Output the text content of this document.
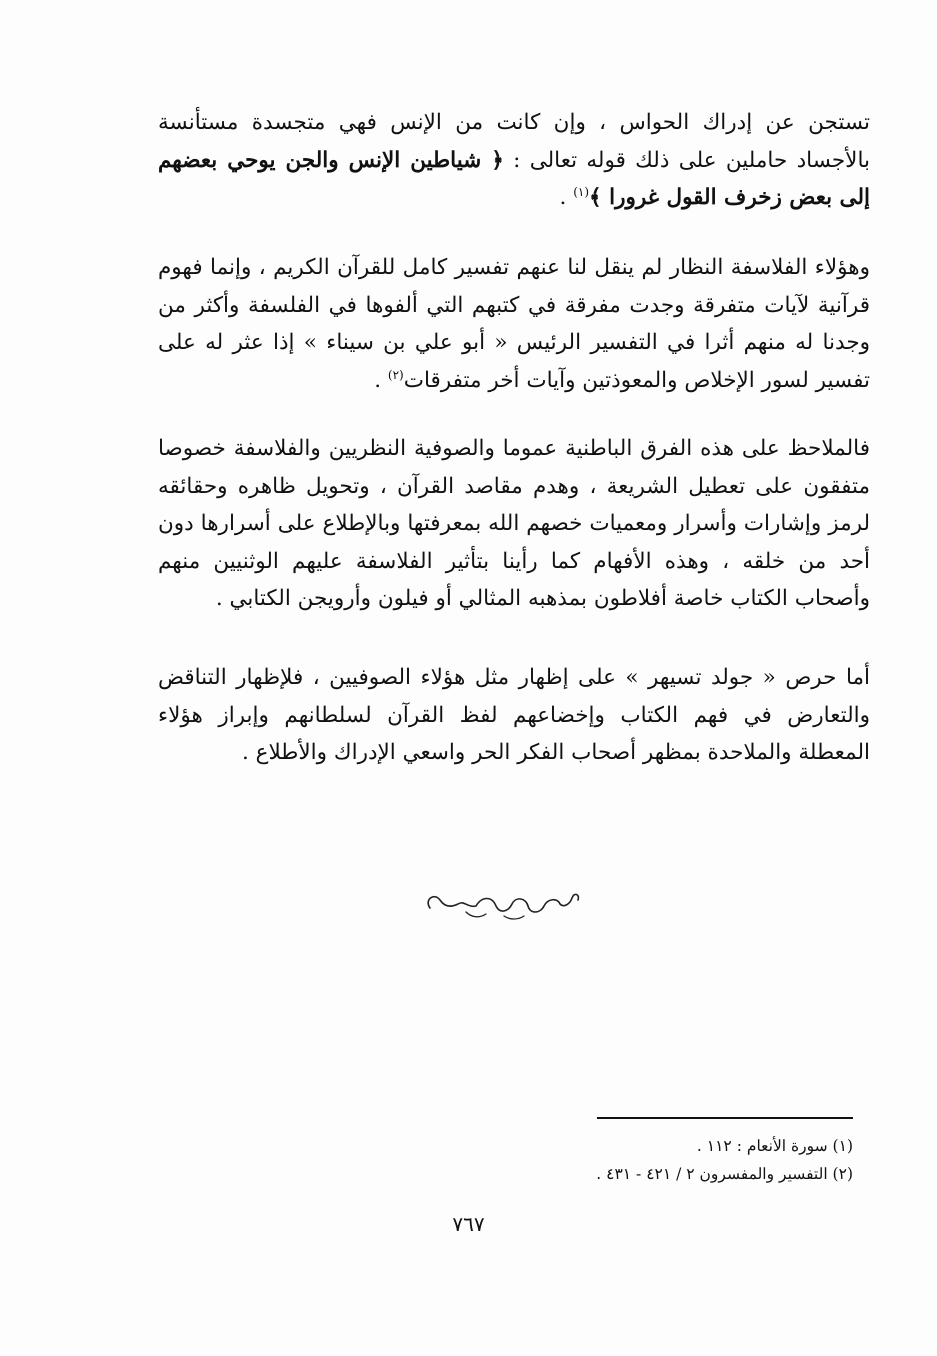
تستجن عن إدراك الحواس ، وإن كانت من الإنس فهي متجسدة مستأنسة بالأجساد حاملين على ذلك قوله تعالى : ﴿ شياطين الإنس والجن يوحي بعضهم إلى بعض زخرف القول غرورا ﴾$^{(١)}$ .

وهؤلاء الفلاسفة النظار لم ينقل لنا عنهم تفسير كامل للقرآن الكريم ، وإنما فهوم قرآنية لآيات متفرقة وجدت مفرقة في كتبهم التي ألفوها في الفلسفة وأكثر من وجدنا له منهم أثرا في التفسير الرئيس « أبو علي بن سيناء » إذا عثر له على تفسير لسور الإخلاص والمعوذتين وآيات أخر متفرقات$^{(٢)}$ .

فالملاحظ على هذه الفرق الباطنية عموما والصوفية النظريين والفلاسفة خصوصا متفقون على تعطيل الشريعة ، وهدم مقاصد القرآن ، وتحويل ظاهره وحقائقه لرمز وإشارات وأسرار ومعميات خصهم الله بمعرفتها وبالإطلاع على أسرارها دون أحد من خلقه ، وهذه الأفهام كما رأينا بتأثير الفلاسفة عليهم الوثنيين منهم وأصحاب الكتاب خاصة أفلاطون بمذهبه المثالي أو فيلون وأرويجن الكتابي .

أما حرص « جولد تسيهر » على إظهار مثل هؤلاء الصوفيين ، فلإظهار التناقض والتعارض في فهم الكتاب وإخضاعهم لفظ القرآن لسلطانهم وإبراز هؤلاء المعطلة والملاحدة بمظهر أصحاب الفكر الحر واسعي الإدراك والأطلاع .

(١) سورة الأنعام : ١١٢ .
(٢) التفسير والمفسرون ٢ / ٤٢١ - ٤٣١ .
٧٦٧
